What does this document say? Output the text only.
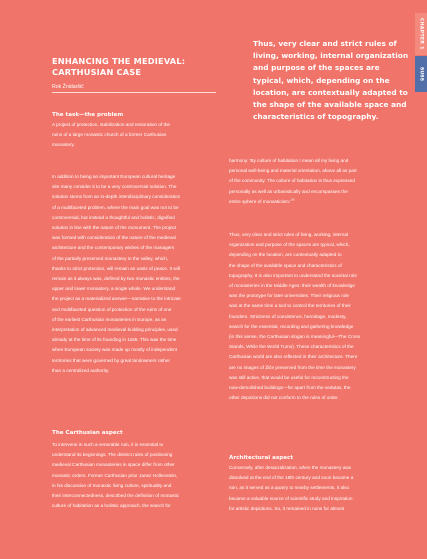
CHAPTER 1
ՑՍՑՑ
ENHANCING THE MEDIEVAL:
CARTHUSIAN CASE
Rok Žnidaršič
Thus, very clear and strict rules of living, working, internal organization and purpose of the spaces are typical, which, depending on the location, are contextually adapted to the shape of the available space and characteristics of topography.
The task—the problem
A project of protection, stabilization and restoration of the
ruins of a large monastic church of a former Carthusian
monastery.
In addition to being an important European cultural heritage
site many consider it to be a very controversial solution. The
solution stems from an in-depth interdisciplinary consideration
of a multifaceted problem, where the main goal was not to be
controversial, but instead a thoughtful and holistic, dignified
solution in line with the nature of the monument. The project
was formed with consideration of the nature of the medieval
architecture and the contemporary wishes of the managers
of the partially preserved monastery in the valley, which,
thanks to strict protection, will remain an oasis of peace. It will
remain as it always was, defined by two monastic entities, the
upper and lower monastery, a single whole. We understand
the project as a materialized answer—narrative to the intricate
and multifaceted question of protection of the ruins of one
of the earliest Carthusian monasteries in Europe, as an
interpretation of advanced medieval building principles, used
already at the time of its founding in 1165. This was the time
when European society was made up mostly of independent
territories that were governed by great landowners rather
than a centralized authority.
The Carthusian aspect
To intervene in such a venerable ruin, it is essential to
understand its beginnings. The distinct rules of positioning
medieval Carthusian monasteries in space differ from other
monastic orders. Former Carthusian prior Janez Hollenstein,
in his discussion of monastic living culture, spirituality and
their interconnectedness, described the definition of monastic
culture of habitation as a holistic approach, the search for
harmony. 'By culture of habitation I mean all my living and
personal well-being and material orientation, above all as part
of the community. The culture of habitation is thus expressed
personally as well as urbanistically and encompasses the
entire sphere of $monasticism.'^{03}$
Thus, very clear and strict rules of living, working, internal
organization and purpose of the spaces are typical, which,
depending on the location, are contextually adapted to
the shape of the available space and characteristics of
topography. It is also important to understand the societal role
of monasteries in the Middle Ages: their wealth of knowledge
was the prototype for later universities. Their religious role
was at the same time a tool to control the territories of their
founders. Strictness of coexistence, hermitage, modesty,
search for the essential, recording and gathering knowledge
(in this sense, the Carthusian slogan is meaningful—The Cross
Stands, While the World Turns). These characteristics of the
Carthusian world are also reflected in their architecture. There
are no images of Žiče preserved from the time the monastery
was still active, that would be useful for reconstructing the
now-demolished buildings—for apart from the vedutas, the
other depictions did not conform to the rules of order.
Architectural aspect
Conversely, after desacralization, when the monastery was
dissolved at the end of the 18th century and soon became a
ruin, as it served as a quarry to nearby settlements, it also
became a valuable source of scientific study and inspiration
for artistic depictions. So, it remained in ruins for almost
